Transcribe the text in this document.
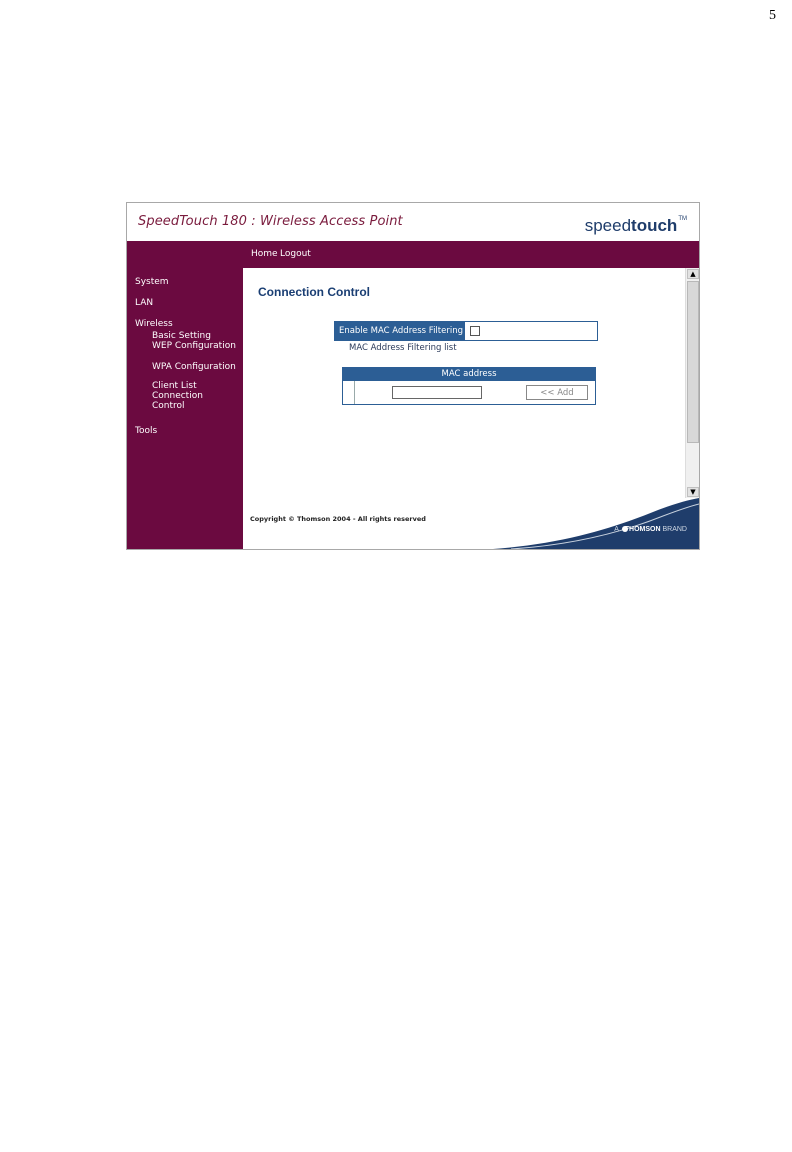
5
SpeedTouch 180 : Wireless Access Point	speedtouch™
System
LAN
Wireless
Basic Setting
WEP Configuration
WPA Configuration
Client List
Connection
Control
Tools
Home Logout
Connection Control
Enable MAC Address Filtering :
MAC Address Filtering list
MAC address
<< Add
▲
▼
Copyright © Thomson 2004 - All rights reserved
A THOMSON BRAND
